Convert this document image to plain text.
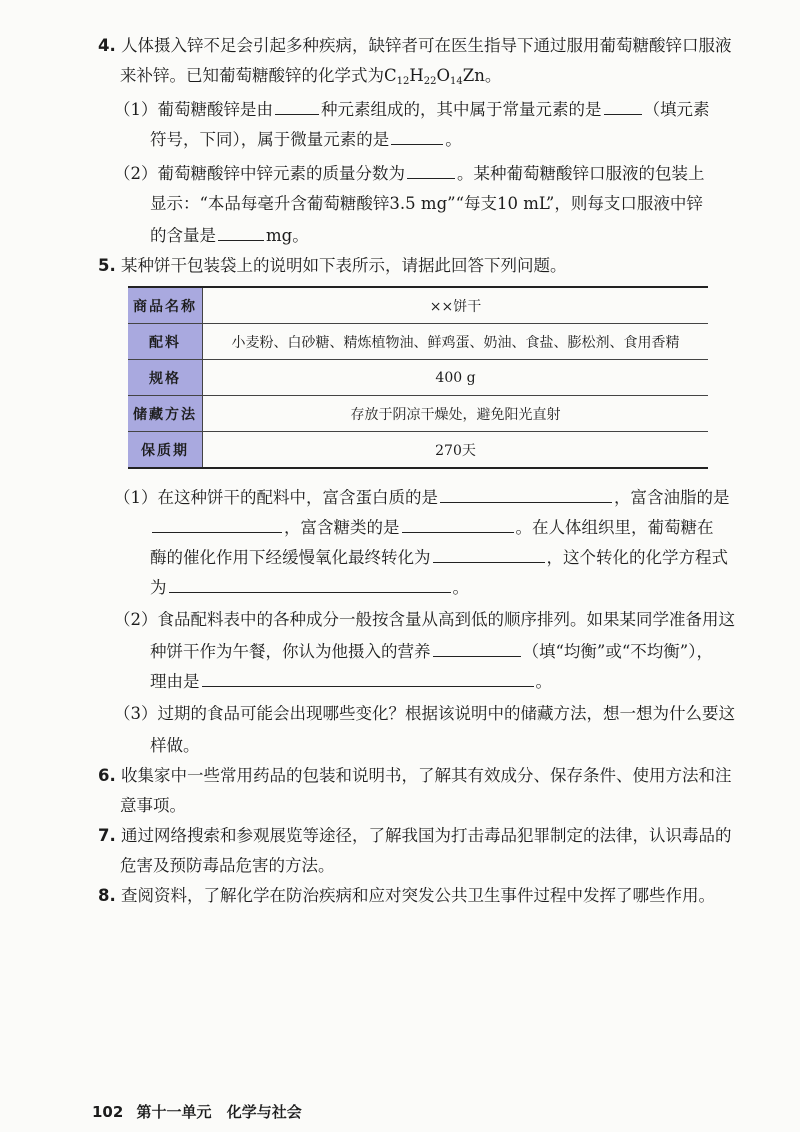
4. 人体摄入锌不足会引起多种疾病，缺锌者可在医生指导下通过服用葡萄糖酸锌口服液
来补锌。已知葡萄糖酸锌的化学式为$C_{12}H_{22}O_{14}Zn$。
（1）葡萄糖酸锌是由	种元素组成的，其中属于常量元素的是	（填元素
符号，下同），属于微量元素的是	。
（2）葡萄糖酸锌中锌元素的质量分数为	。某种葡萄糖酸锌口服液的包装上
显示：“本品每毫升含葡萄糖酸锌3.5 mg”“每支10 mL”，则每支口服液中锌
的含量是	mg。
5. 某种饼干包装袋上的说明如下表所示，请据此回答下列问题。
商品名称	××饼干
配料	小麦粉、白砂糖、精炼植物油、鲜鸡蛋、奶油、食盐、膨松剂、食用香精
规格	400 g
储藏方法	存放于阴凉干燥处，避免阳光直射
保质期	270天
（1）在这种饼干的配料中，富含蛋白质的是	，富含油脂的是
，富含糖类的是	。在人体组织里，葡萄糖在
酶的催化作用下经缓慢氧化最终转化为	，这个转化的化学方程式
为	。
（2）食品配料表中的各种成分一般按含量从高到低的顺序排列。如果某同学准备用这
种饼干作为午餐，你认为他摄入的营养	（填“均衡”或“不均衡”），
理由是	。
（3）过期的食品可能会出现哪些变化？根据该说明中的储藏方法，想一想为什么要这
样做。
6. 收集家中一些常用药品的包装和说明书，了解其有效成分、保存条件、使用方法和注
意事项。
7. 通过网络搜索和参观展览等途径，了解我国为打击毒品犯罪制定的法律，认识毒品的
危害及预防毒品危害的方法。
8. 查阅资料，了解化学在防治疾病和应对突发公共卫生事件过程中发挥了哪些作用。
102 第十一单元 化学与社会
